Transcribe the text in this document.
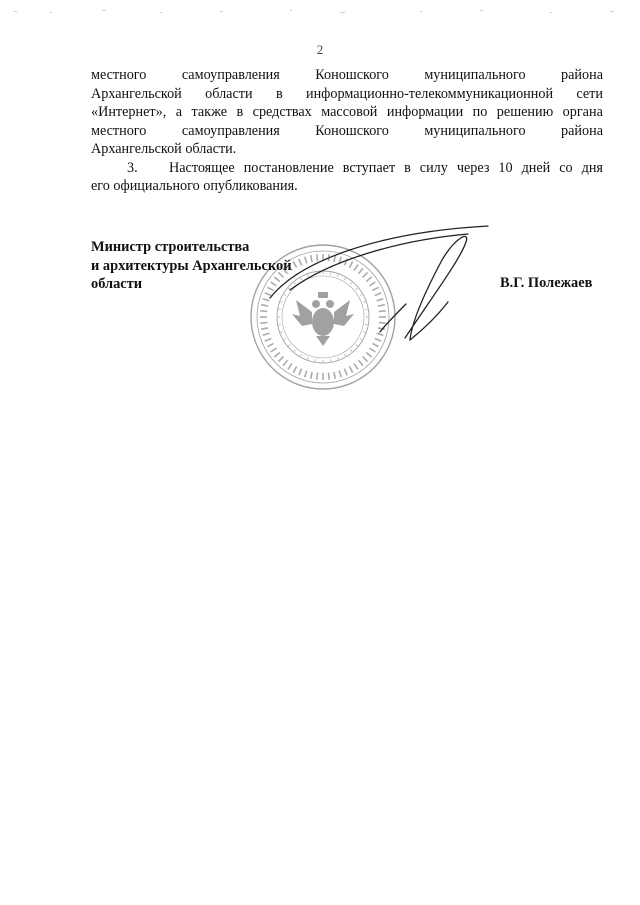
2
местного самоуправления Коношского муниципального района
Архангельской области в информационно-телекоммуникационной сети
«Интернет», а также в средствах массовой информации по решению органа
местного самоуправления Коношского муниципального района
Архангельской области.
3.	Настоящее постановление вступает в силу через 10 дней со дня
его официального опубликования.
Министр строительства
и архитектуры Архангельской
области	В.Г. Полежаев
